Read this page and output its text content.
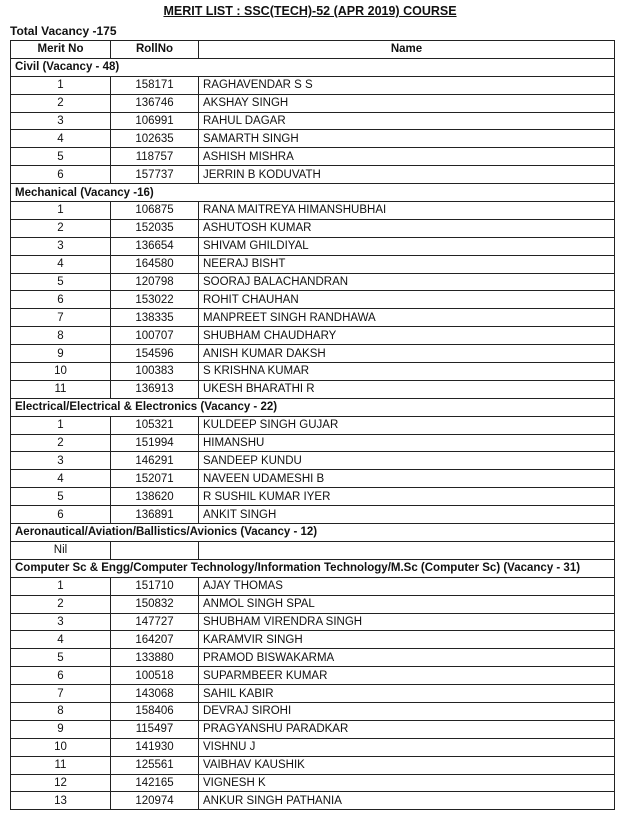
MERIT LIST : SSC(TECH)-52 (APR 2019) COURSE
Total Vacancy -175
Merit No	RollNo	Name
Civil (Vacancy - 48)		
1	158171	RAGHAVENDAR S S
2	136746	AKSHAY SINGH
3	106991	RAHUL DAGAR
4	102635	SAMARTH SINGH
5	118757	ASHISH MISHRA
6	157737	JERRIN B KODUVATH
Mechanical (Vacancy -16)		
1	106875	RANA MAITREYA HIMANSHUBHAI
2	152035	ASHUTOSH KUMAR
3	136654	SHIVAM GHILDIYAL
4	164580	NEERAJ BISHT
5	120798	SOORAJ BALACHANDRAN
6	153022	ROHIT CHAUHAN
7	138335	MANPREET SINGH RANDHAWA
8	100707	SHUBHAM CHAUDHARY
9	154596	ANISH KUMAR DAKSH
10	100383	S KRISHNA KUMAR
11	136913	UKESH BHARATHI R
Electrical/Electrical & Electronics (Vacancy - 22)		
1	105321	KULDEEP SINGH GUJAR
2	151994	HIMANSHU
3	146291	SANDEEP KUNDU
4	152071	NAVEEN UDAMESHI B
5	138620	R SUSHIL KUMAR IYER
6	136891	ANKIT SINGH
Aeronautical/Aviation/Ballistics/Avionics (Vacancy - 12)		
Nil		
Computer Sc & Engg/Computer Technology/Information Technology/M.Sc (Computer Sc) (Vacancy - 31)		
1	151710	AJAY THOMAS
2	150832	ANMOL SINGH SPAL
3	147727	SHUBHAM VIRENDRA SINGH
4	164207	KARAMVIR SINGH
5	133880	PRAMOD BISWAKARMA
6	100518	SUPARMBEER KUMAR
7	143068	SAHIL KABIR
8	158406	DEVRAJ SIROHI
9	115497	PRAGYANSHU PARADKAR
10	141930	VISHNU J
11	125561	VAIBHAV KAUSHIK
12	142165	VIGNESH K
13	120974	ANKUR SINGH PATHANIA
